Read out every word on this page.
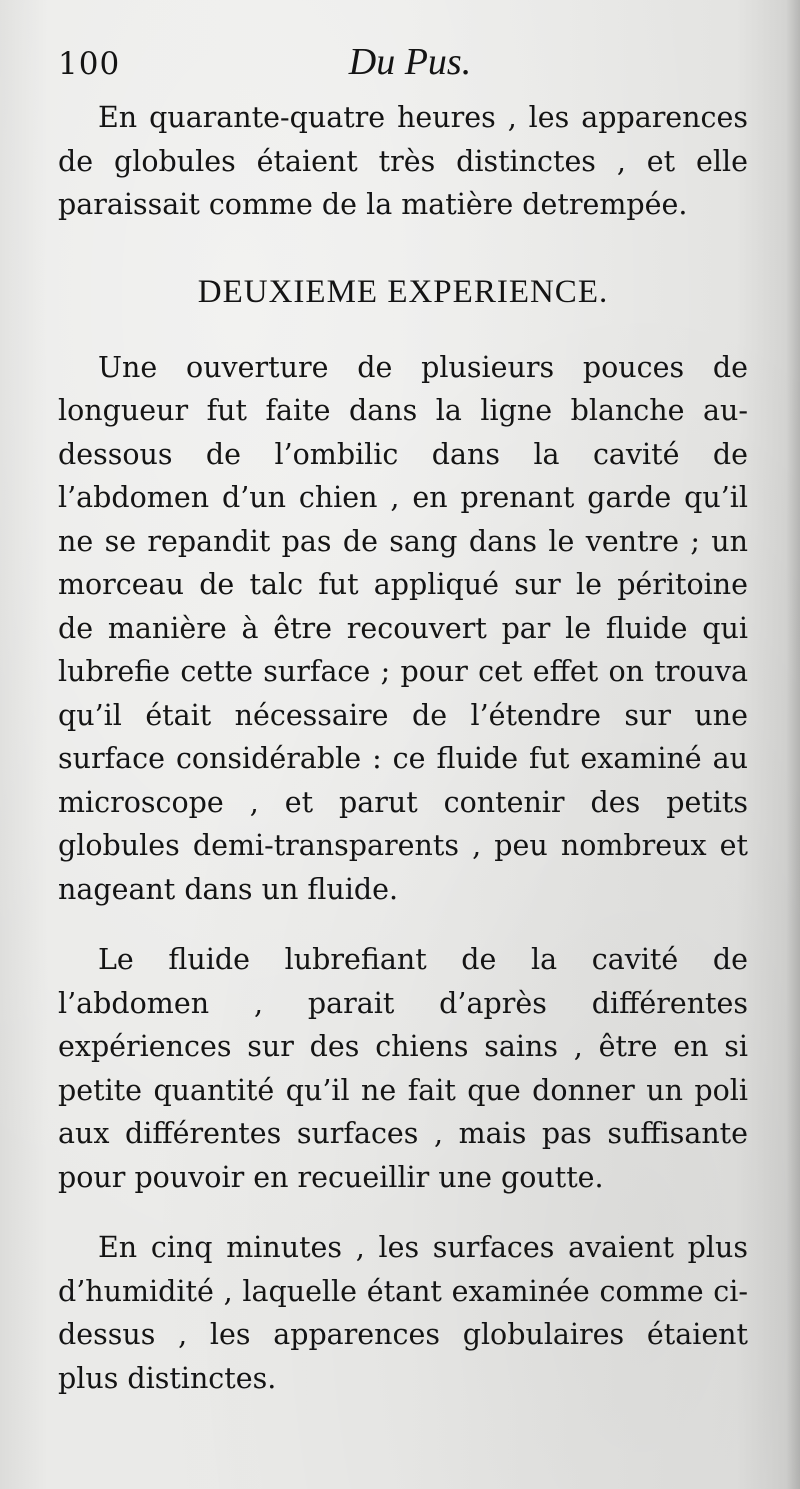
100	Du Pus.

En quarante-quatre heures , les apparences de globules étaient très distinctes , et elle paraissait comme de la matière detrempée.

DEUXIEME EXPERIENCE.

Une ouverture de plusieurs pouces de longueur fut faite dans la ligne blanche au-dessous de l’ombilic dans la cavité de l’abdomen d’un chien , en prenant garde qu’il ne se repandit pas de sang dans le ventre ; un morceau de talc fut appliqué sur le péritoine de manière à être recouvert par le fluide qui lubrefie cette surface ; pour cet effet on trouva qu’il était nécessaire de l’étendre sur une surface considérable : ce fluide fut examiné au microscope , et parut contenir des petits globules demi-transparents , peu nombreux et nageant dans un fluide.

Le fluide lubrefiant de la cavité de l’abdomen , parait d’après différentes expériences sur des chiens sains , être en si petite quantité qu’il ne fait que donner un poli aux différentes surfaces , mais pas suffisante pour pouvoir en recueillir une goutte.

En cinq minutes , les surfaces avaient plus d’humidité , laquelle étant examinée comme ci-dessus , les apparences globulaires étaient plus distinctes.
